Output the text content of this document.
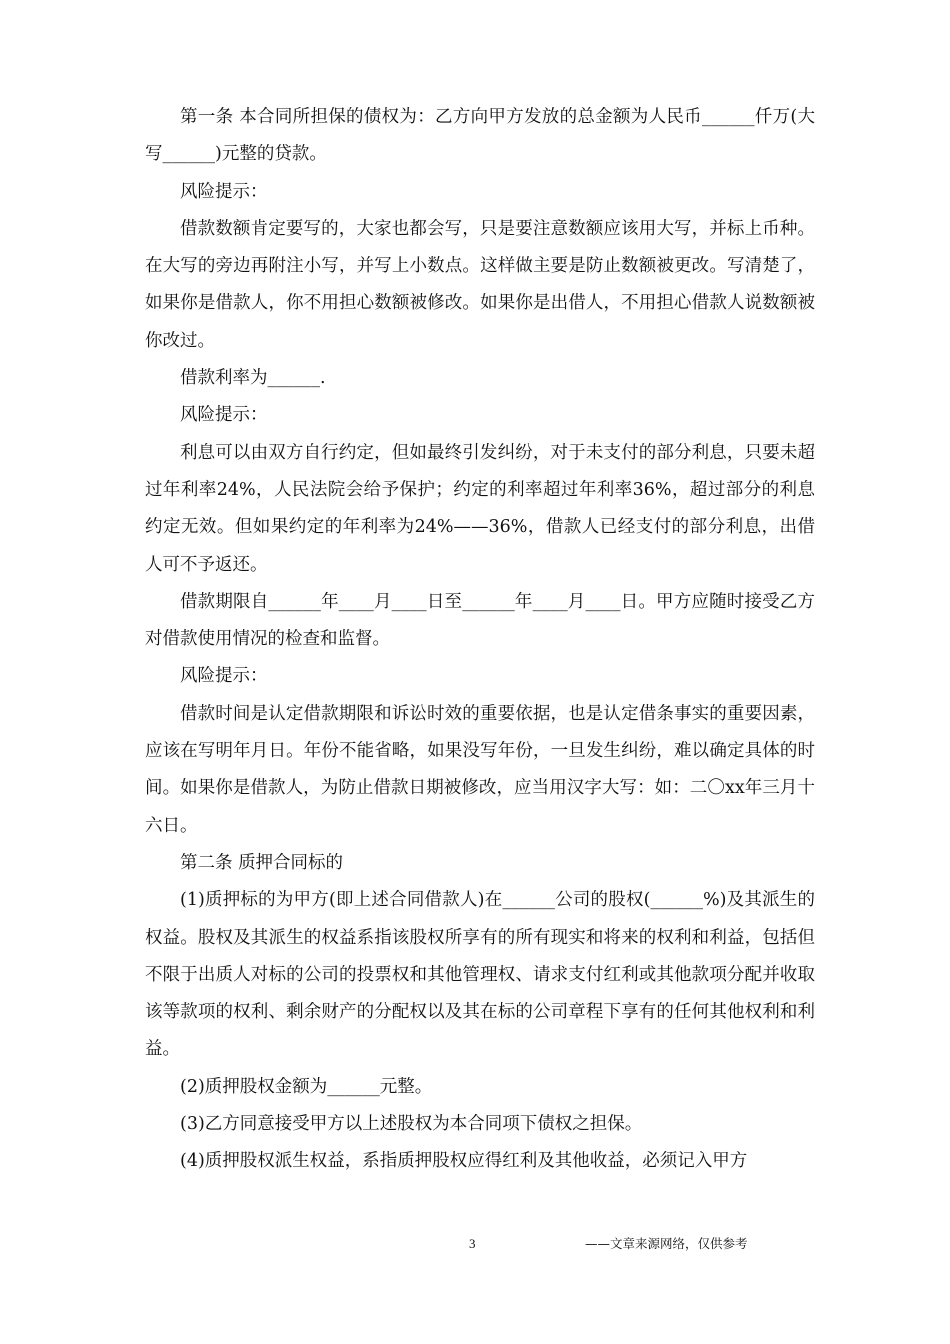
第一条 本合同所担保的债权为：乙方向甲方发放的总金额为人民币______仟万(大写______)元整的贷款。

风险提示：

借款数额肯定要写的，大家也都会写，只是要注意数额应该用大写，并标上币种。在大写的旁边再附注小写，并写上小数点。这样做主要是防止数额被更改。写清楚了，如果你是借款人，你不用担心数额被修改。如果你是出借人，不用担心借款人说数额被你改过。

借款利率为______.

风险提示：

利息可以由双方自行约定，但如最终引发纠纷，对于未支付的部分利息，只要未超过年利率24%，人民法院会给予保护；约定的利率超过年利率36%，超过部分的利息约定无效。但如果约定的年利率为24%——36%，借款人已经支付的部分利息，出借人可不予返还。

借款期限自______年____月____日至______年____月____日。甲方应随时接受乙方对借款使用情况的检查和监督。

风险提示：

借款时间是认定借款期限和诉讼时效的重要依据，也是认定借条事实的重要因素，应该在写明年月日。年份不能省略，如果没写年份，一旦发生纠纷，难以确定具体的时间。如果你是借款人，为防止借款日期被修改，应当用汉字大写：如：二〇xx年三月十六日。

第二条 质押合同标的

(1)质押标的为甲方(即上述合同借款人)在______公司的股权(______%)及其派生的权益。股权及其派生的权益系指该股权所享有的所有现实和将来的权利和利益，包括但不限于出质人对标的公司的投票权和其他管理权、请求支付红利或其他款项分配并收取该等款项的权利、剩余财产的分配权以及其在标的公司章程下享有的任何其他权利和利益。

(2)质押股权金额为______元整。

(3)乙方同意接受甲方以上述股权为本合同项下债权之担保。

(4)质押股权派生权益，系指质押股权应得红利及其他收益，必须记入甲方

3	——文章来源网络，仅供参考
